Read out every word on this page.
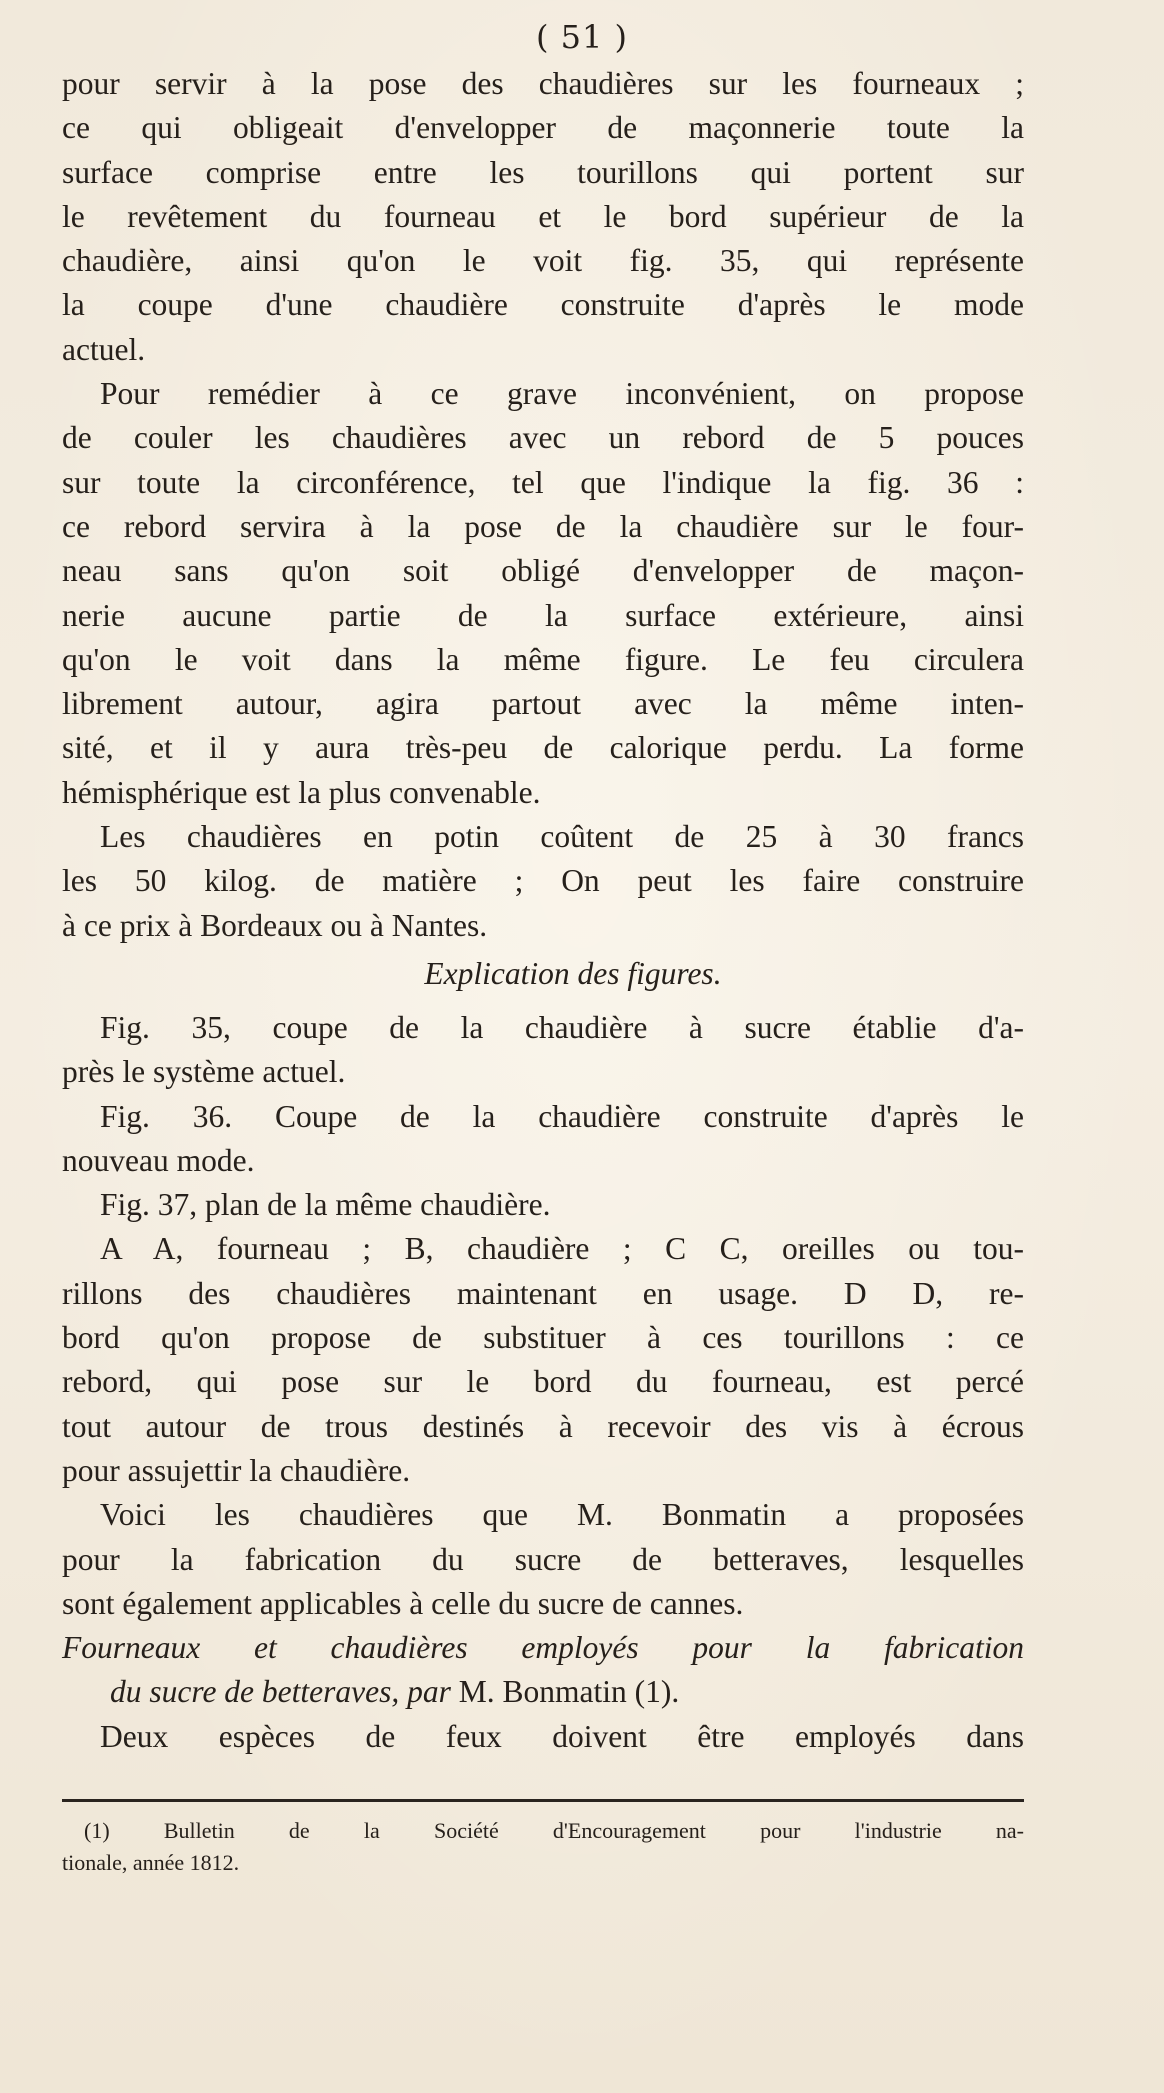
( 51 )
pour servir à la pose des chaudières sur les fourneaux ;
ce qui obligeait d'envelopper de maçonnerie toute la
surface comprise entre les tourillons qui portent sur
le revêtement du fourneau et le bord supérieur de la
chaudière, ainsi qu'on le voit fig. 35, qui représente
la coupe d'une chaudière construite d'après le mode
actuel.
Pour remédier à ce grave inconvénient, on propose
de couler les chaudières avec un rebord de 5 pouces
sur toute la circonférence, tel que l'indique la fig. 36 :
ce rebord servira à la pose de la chaudière sur le four-
neau sans qu'on soit obligé d'envelopper de maçon-
nerie aucune partie de la surface extérieure, ainsi
qu'on le voit dans la même figure. Le feu circulera
librement autour, agira partout avec la même inten-
sité, et il y aura très-peu de calorique perdu. La forme
hémisphérique est la plus convenable.
Les chaudières en potin coûtent de 25 à 30 francs
les 50 kilog. de matière ; On peut les faire construire
à ce prix à Bordeaux ou à Nantes.
Explication des figures.
Fig. 35, coupe de la chaudière à sucre établie d'a-
près le système actuel.
Fig. 36. Coupe de la chaudière construite d'après le
nouveau mode.
Fig. 37, plan de la même chaudière.
A A, fourneau ; B, chaudière ; C C, oreilles ou tou-
rillons des chaudières maintenant en usage. D D, re-
bord qu'on propose de substituer à ces tourillons : ce
rebord, qui pose sur le bord du fourneau, est percé
tout autour de trous destinés à recevoir des vis à écrous
pour assujettir la chaudière.
Voici les chaudières que M. Bonmatin a proposées
pour la fabrication du sucre de betteraves, lesquelles
sont également applicables à celle du sucre de cannes.
Fourneaux et chaudières employés pour la fabrication
du sucre de betteraves, par M. Bonmatin (1).
Deux espèces de feux doivent être employés dans
(1) Bulletin de la Société d'Encouragement pour l'industrie na-
tionale, année 1812.
